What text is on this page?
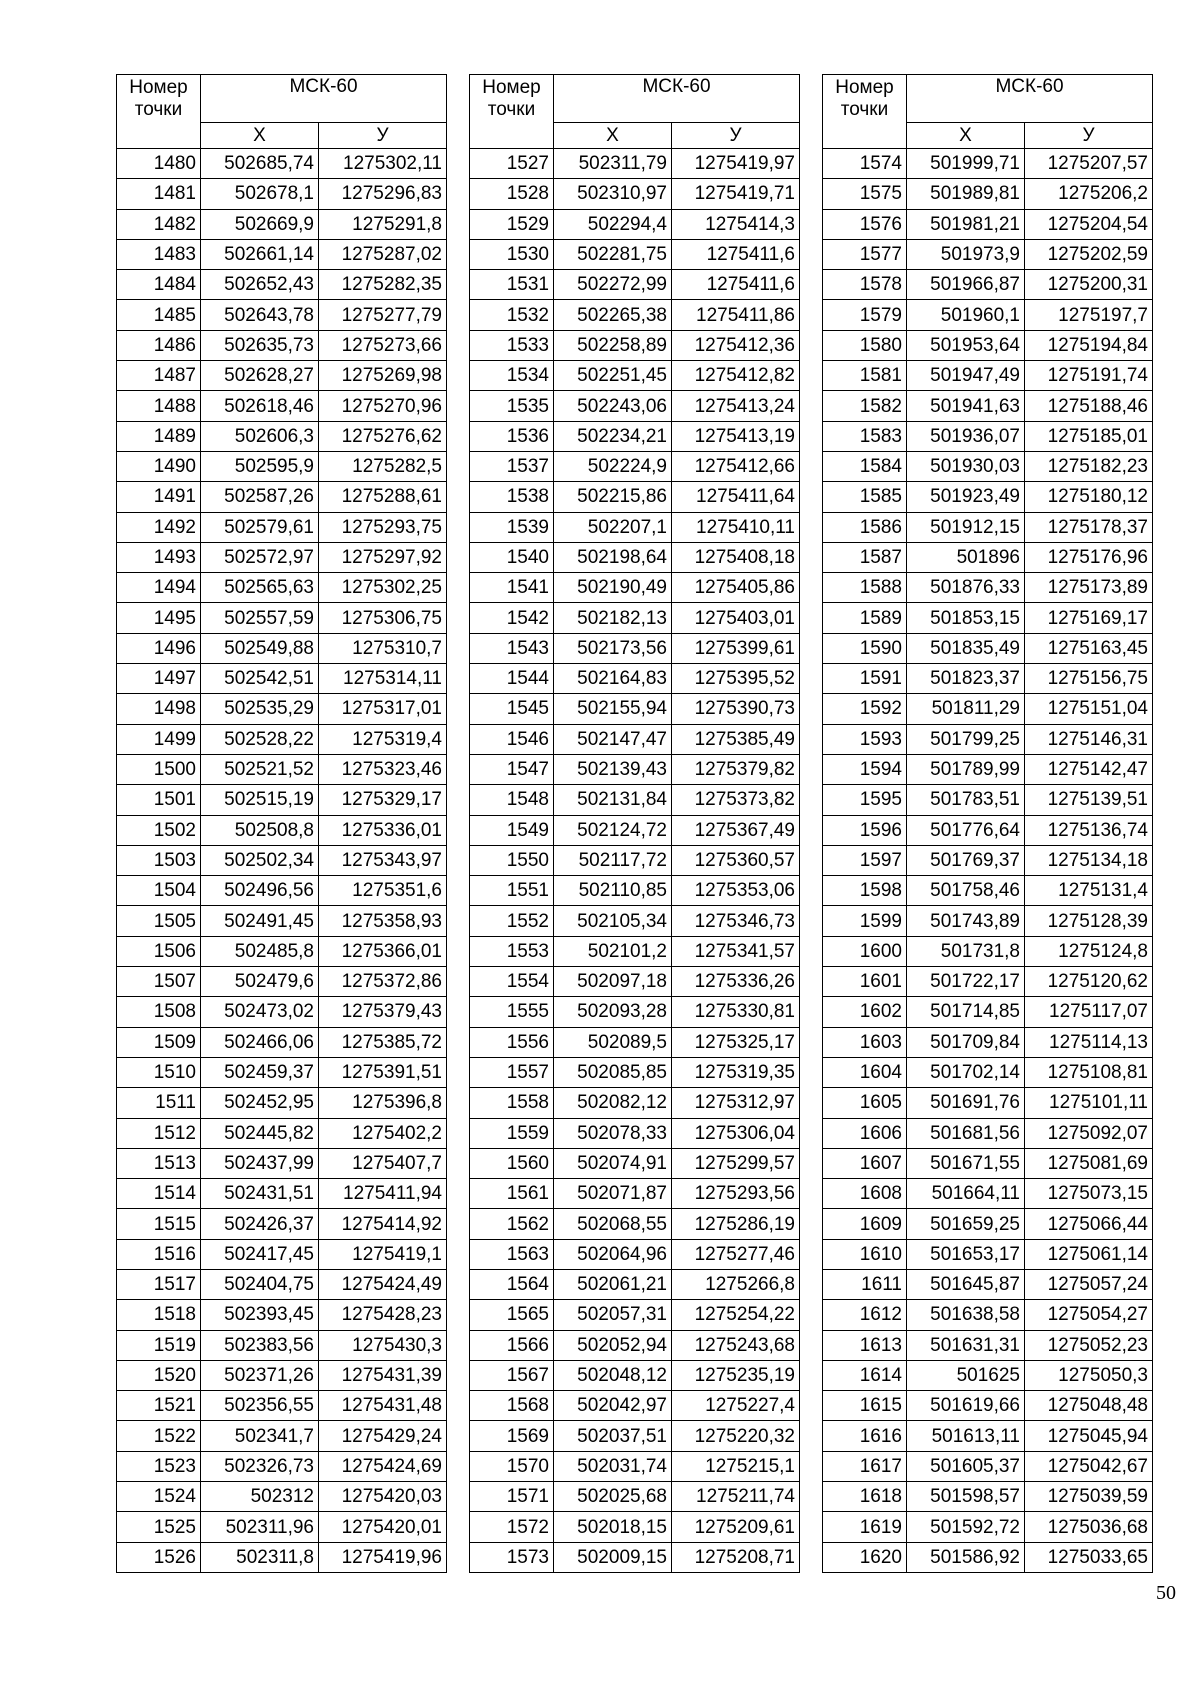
Номер
точки	МСК-60	
	Х	У
1480	502685,74	1275302,11
1481	502678,1	1275296,83
1482	502669,9	1275291,8
1483	502661,14	1275287,02
1484	502652,43	1275282,35
1485	502643,78	1275277,79
1486	502635,73	1275273,66
1487	502628,27	1275269,98
1488	502618,46	1275270,96
1489	502606,3	1275276,62
1490	502595,9	1275282,5
1491	502587,26	1275288,61
1492	502579,61	1275293,75
1493	502572,97	1275297,92
1494	502565,63	1275302,25
1495	502557,59	1275306,75
1496	502549,88	1275310,7
1497	502542,51	1275314,11
1498	502535,29	1275317,01
1499	502528,22	1275319,4
1500	502521,52	1275323,46
1501	502515,19	1275329,17
1502	502508,8	1275336,01
1503	502502,34	1275343,97
1504	502496,56	1275351,6
1505	502491,45	1275358,93
1506	502485,8	1275366,01
1507	502479,6	1275372,86
1508	502473,02	1275379,43
1509	502466,06	1275385,72
1510	502459,37	1275391,51
1511	502452,95	1275396,8
1512	502445,82	1275402,2
1513	502437,99	1275407,7
1514	502431,51	1275411,94
1515	502426,37	1275414,92
1516	502417,45	1275419,1
1517	502404,75	1275424,49
1518	502393,45	1275428,23
1519	502383,56	1275430,3
1520	502371,26	1275431,39
1521	502356,55	1275431,48
1522	502341,7	1275429,24
1523	502326,73	1275424,69
1524	502312	1275420,03
1525	502311,96	1275420,01
1526	502311,8	1275419,96
Номер
точки	МСК-60	
	Х	У
1527	502311,79	1275419,97
1528	502310,97	1275419,71
1529	502294,4	1275414,3
1530	502281,75	1275411,6
1531	502272,99	1275411,6
1532	502265,38	1275411,86
1533	502258,89	1275412,36
1534	502251,45	1275412,82
1535	502243,06	1275413,24
1536	502234,21	1275413,19
1537	502224,9	1275412,66
1538	502215,86	1275411,64
1539	502207,1	1275410,11
1540	502198,64	1275408,18
1541	502190,49	1275405,86
1542	502182,13	1275403,01
1543	502173,56	1275399,61
1544	502164,83	1275395,52
1545	502155,94	1275390,73
1546	502147,47	1275385,49
1547	502139,43	1275379,82
1548	502131,84	1275373,82
1549	502124,72	1275367,49
1550	502117,72	1275360,57
1551	502110,85	1275353,06
1552	502105,34	1275346,73
1553	502101,2	1275341,57
1554	502097,18	1275336,26
1555	502093,28	1275330,81
1556	502089,5	1275325,17
1557	502085,85	1275319,35
1558	502082,12	1275312,97
1559	502078,33	1275306,04
1560	502074,91	1275299,57
1561	502071,87	1275293,56
1562	502068,55	1275286,19
1563	502064,96	1275277,46
1564	502061,21	1275266,8
1565	502057,31	1275254,22
1566	502052,94	1275243,68
1567	502048,12	1275235,19
1568	502042,97	1275227,4
1569	502037,51	1275220,32
1570	502031,74	1275215,1
1571	502025,68	1275211,74
1572	502018,15	1275209,61
1573	502009,15	1275208,71
Номер
точки	МСК-60	
	Х	У
1574	501999,71	1275207,57
1575	501989,81	1275206,2
1576	501981,21	1275204,54
1577	501973,9	1275202,59
1578	501966,87	1275200,31
1579	501960,1	1275197,7
1580	501953,64	1275194,84
1581	501947,49	1275191,74
1582	501941,63	1275188,46
1583	501936,07	1275185,01
1584	501930,03	1275182,23
1585	501923,49	1275180,12
1586	501912,15	1275178,37
1587	501896	1275176,96
1588	501876,33	1275173,89
1589	501853,15	1275169,17
1590	501835,49	1275163,45
1591	501823,37	1275156,75
1592	501811,29	1275151,04
1593	501799,25	1275146,31
1594	501789,99	1275142,47
1595	501783,51	1275139,51
1596	501776,64	1275136,74
1597	501769,37	1275134,18
1598	501758,46	1275131,4
1599	501743,89	1275128,39
1600	501731,8	1275124,8
1601	501722,17	1275120,62
1602	501714,85	1275117,07
1603	501709,84	1275114,13
1604	501702,14	1275108,81
1605	501691,76	1275101,11
1606	501681,56	1275092,07
1607	501671,55	1275081,69
1608	501664,11	1275073,15
1609	501659,25	1275066,44
1610	501653,17	1275061,14
1611	501645,87	1275057,24
1612	501638,58	1275054,27
1613	501631,31	1275052,23
1614	501625	1275050,3
1615	501619,66	1275048,48
1616	501613,11	1275045,94
1617	501605,37	1275042,67
1618	501598,57	1275039,59
1619	501592,72	1275036,68
1620	501586,92	1275033,65
50
